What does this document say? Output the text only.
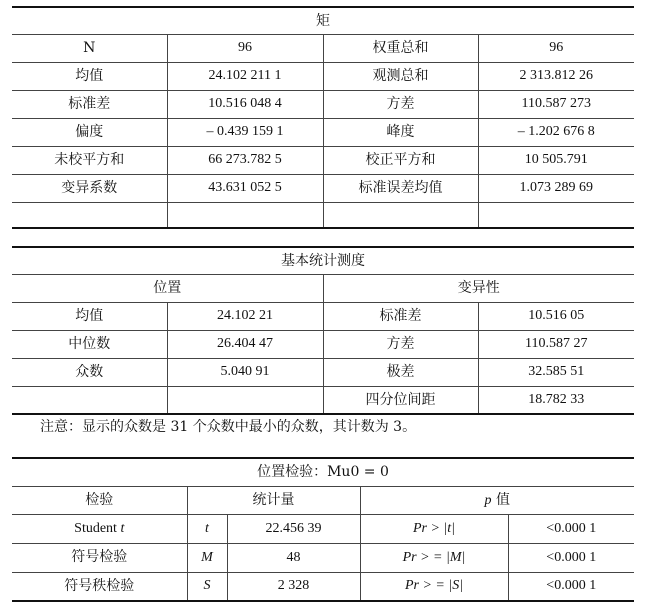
矩			
N	96	权重总和	96
均值	24.102 211 1	观测总和	2 313.812 26
标准差	10.516 048 4	方差	110.587 273
偏度	– 0.439 159 1	峰度	– 1.202 676 8
未校平方和	66 273.782 5	校正平方和	10 505.791
变异系数	43.631 052 5	标准误差均值	1.073 289 69

基本统计测度			
位置		变异性	
均值	24.102 21	标准差	10.516 05
中位数	26.404 47	方差	110.587 27
众数	5.040 91	极差	32.585 51
		四分位间距	18.782 33
注意：显示的众数是 31 个众数中最小的众数，其计数为 3。
位置检验：Mu0 = 0				
检验	统计量		p 值	
Student t	t	22.456 39	Pr > |t|	<0.000 1
符号检验	M	48	Pr > = |M|	<0.000 1
符号秩检验	S	2 328	Pr > = |S|	<0.000 1
